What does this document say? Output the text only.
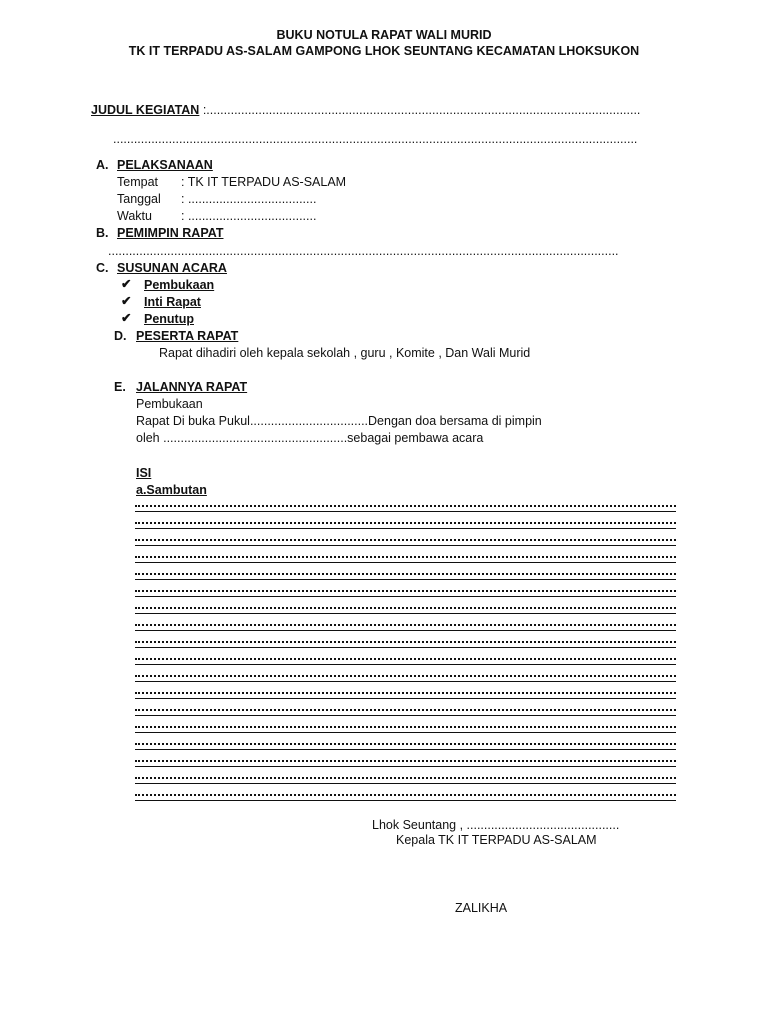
BUKU NOTULA RAPAT WALI MURID
TK IT TERPADU AS-SALAM GAMPONG LHOK SEUNTANG KECAMATAN LHOKSUKON
JUDUL KEGIATAN :.............................................................................................................................
.......................................................................................................................................................
A. PELAKSANAAN
Tempat : TK IT TERPADU AS-SALAM
Tanggal : .....................................
Waktu : .....................................
B. PEMIMPIN RAPAT
...................................................................................................................................................
C. SUSUNAN ACARA
✔ Pembukaan
✔ Inti Rapat
✔ Penutup
D. PESERTA RAPAT
Rapat dihadiri oleh kepala sekolah , guru , Komite , Dan Wali Murid
E. JALANNYA RAPAT
Pembukaan
Rapat Di buka Pukul..................................Dengan doa bersama di pimpin
oleh .....................................................sebagai pembawa acara
ISI
a.Sambutan
Lhok Seuntang , ............................................
Kepala TK IT TERPADU AS-SALAM
ZALIKHA
